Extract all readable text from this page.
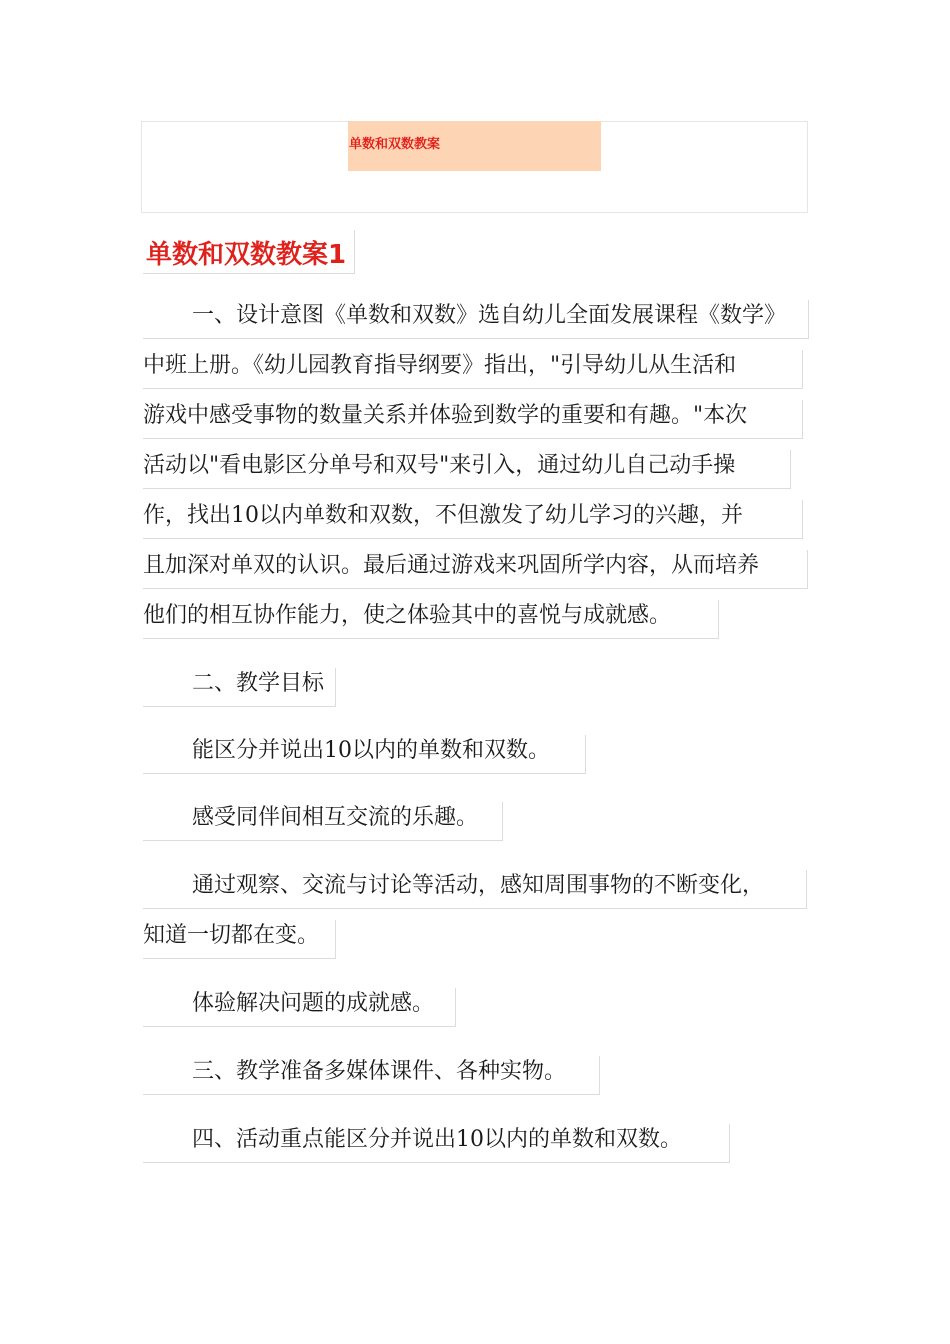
单数和双数教案
单数和双数教案1
一、设计意图《单数和双数》选自幼儿全面发展课程《数学》
中班上册。《幼儿园教育指导纲要》指出，"引导幼儿从生活和
游戏中感受事物的数量关系并体验到数学的重要和有趣。"本次
活动以"看电影区分单号和双号"来引入，通过幼儿自己动手操
作，找出10以内单数和双数，不但激发了幼儿学习的兴趣，并
且加深对单双的认识。最后通过游戏来巩固所学内容，从而培养
他们的相互协作能力，使之体验其中的喜悦与成就感。
二、教学目标
能区分并说出10以内的单数和双数。
感受同伴间相互交流的乐趣。
通过观察、交流与讨论等活动，感知周围事物的不断变化，
知道一切都在变。
体验解决问题的成就感。
三、教学准备多媒体课件、各种实物。
四、活动重点能区分并说出10以内的单数和双数。
